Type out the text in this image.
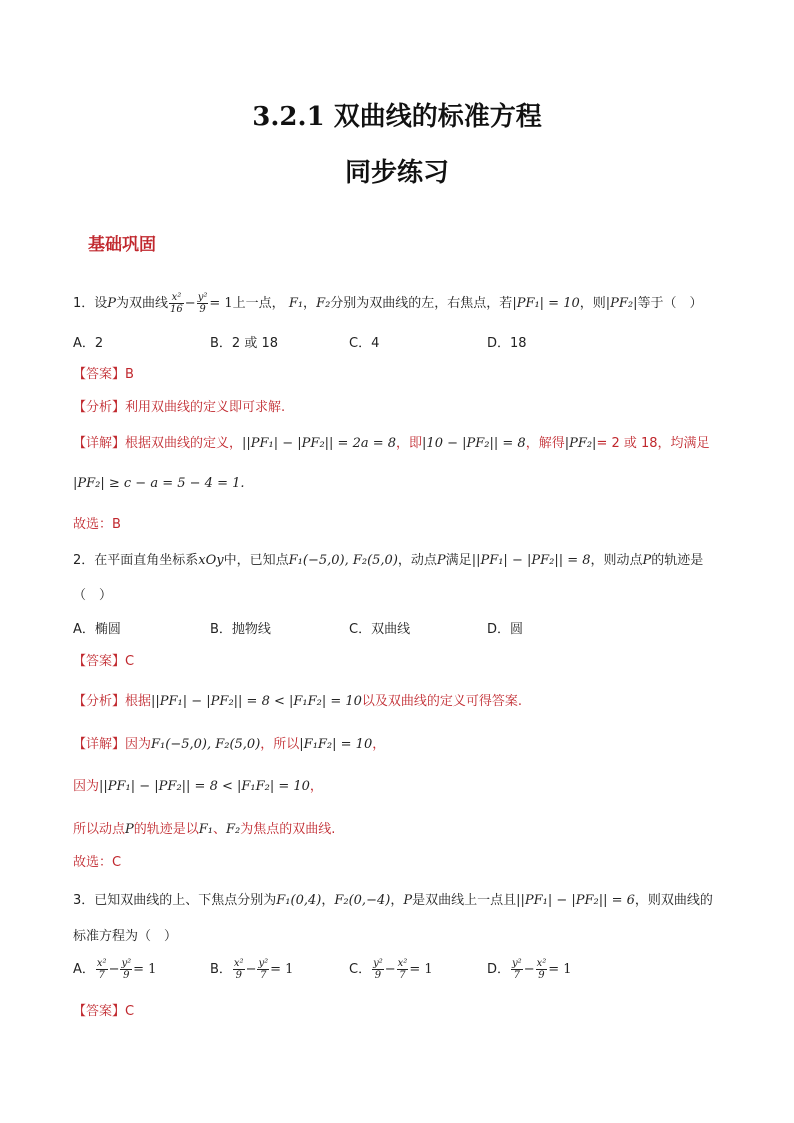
3.2.1 双曲线的标准方程
同步练习
基础巩固
1．设P为双曲线 $\frac{\text{x²}}{16} - \frac{\text{y²}}{9} = 1$上一点， F₁，F₂分别为双曲线的左，右焦点，若|PF₁| = 10，则|PF₂|等于（　）
A．2	B．2 或 18	C．4	D．18
【答案】B
【分析】利用双曲线的定义即可求解.
【详解】根据双曲线的定义，||PF₁| − |PF₂|| = 2a = 8，即|10 − |PF₂|| = 8，解得|PF₂|= 2 或 18，均满足
|PF₂| ≥ c − a = 5 − 4 = 1.
故选：B
2．在平面直角坐标系xOy中，已知点F₁(−5,0), F₂(5,0)，动点P满足||PF₁| − |PF₂|| = 8，则动点P的轨迹是
（　）
A．椭圆	B．抛物线	C．双曲线	D．圆
【答案】C
【分析】根据||PF₁| − |PF₂|| = 8 < |F₁F₂| = 10以及双曲线的定义可得答案.
【详解】因为F₁(−5,0), F₂(5,0)，所以|F₁F₂| = 10，
因为||PF₁| − |PF₂|| = 8 < |F₁F₂| = 10，
所以动点P的轨迹是以F₁、F₂为焦点的双曲线.
故选：C
3．已知双曲线的上、下焦点分别为F₁(0,4)，F₂(0,−4)，P是双曲线上一点且||PF₁| − |PF₂|| = 6，则双曲线的
标准方程为（　）
A． $\frac{\text{x²}}{7} - \frac{\text{y²}}{9} = 1$	B． $\frac{\text{x²}}{9} - \frac{\text{y²}}{7} = 1$	C． $\frac{\text{y²}}{9} - \frac{\text{x²}}{7} = 1$	D． $\frac{\text{y²}}{7} - \frac{\text{x²}}{9} = 1$
【答案】C
